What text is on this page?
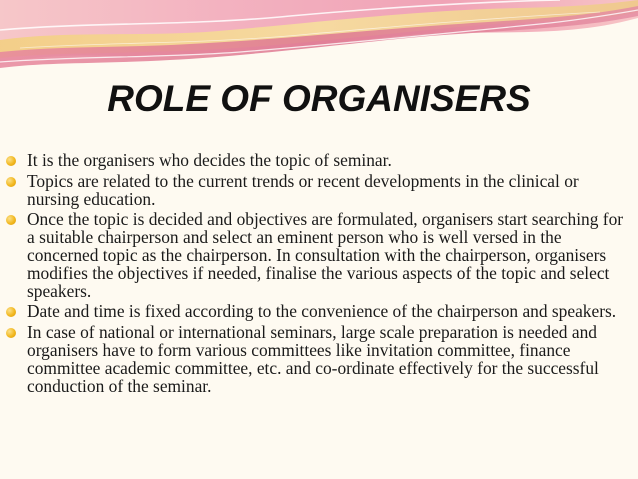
ROLE OF ORGANISERS
It is the organisers who decides the topic of seminar.
Topics are related to the current trends or recent developments in the clinical or nursing education.
Once the topic is decided and objectives are formulated, organisers start searching for a suitable chairperson and select an eminent person who is well versed in the concerned topic as the chairperson. In consultation with the chairperson, organisers modifies the objectives if needed, finalise the various aspects of the topic and select speakers.
Date and time is fixed according to the convenience of the chairperson and speakers.
In case of national or international seminars, large scale preparation is needed and organisers have to form various committees like invitation committee, finance committee academic committee, etc. and co-ordinate effectively for the successful conduction of the seminar.
